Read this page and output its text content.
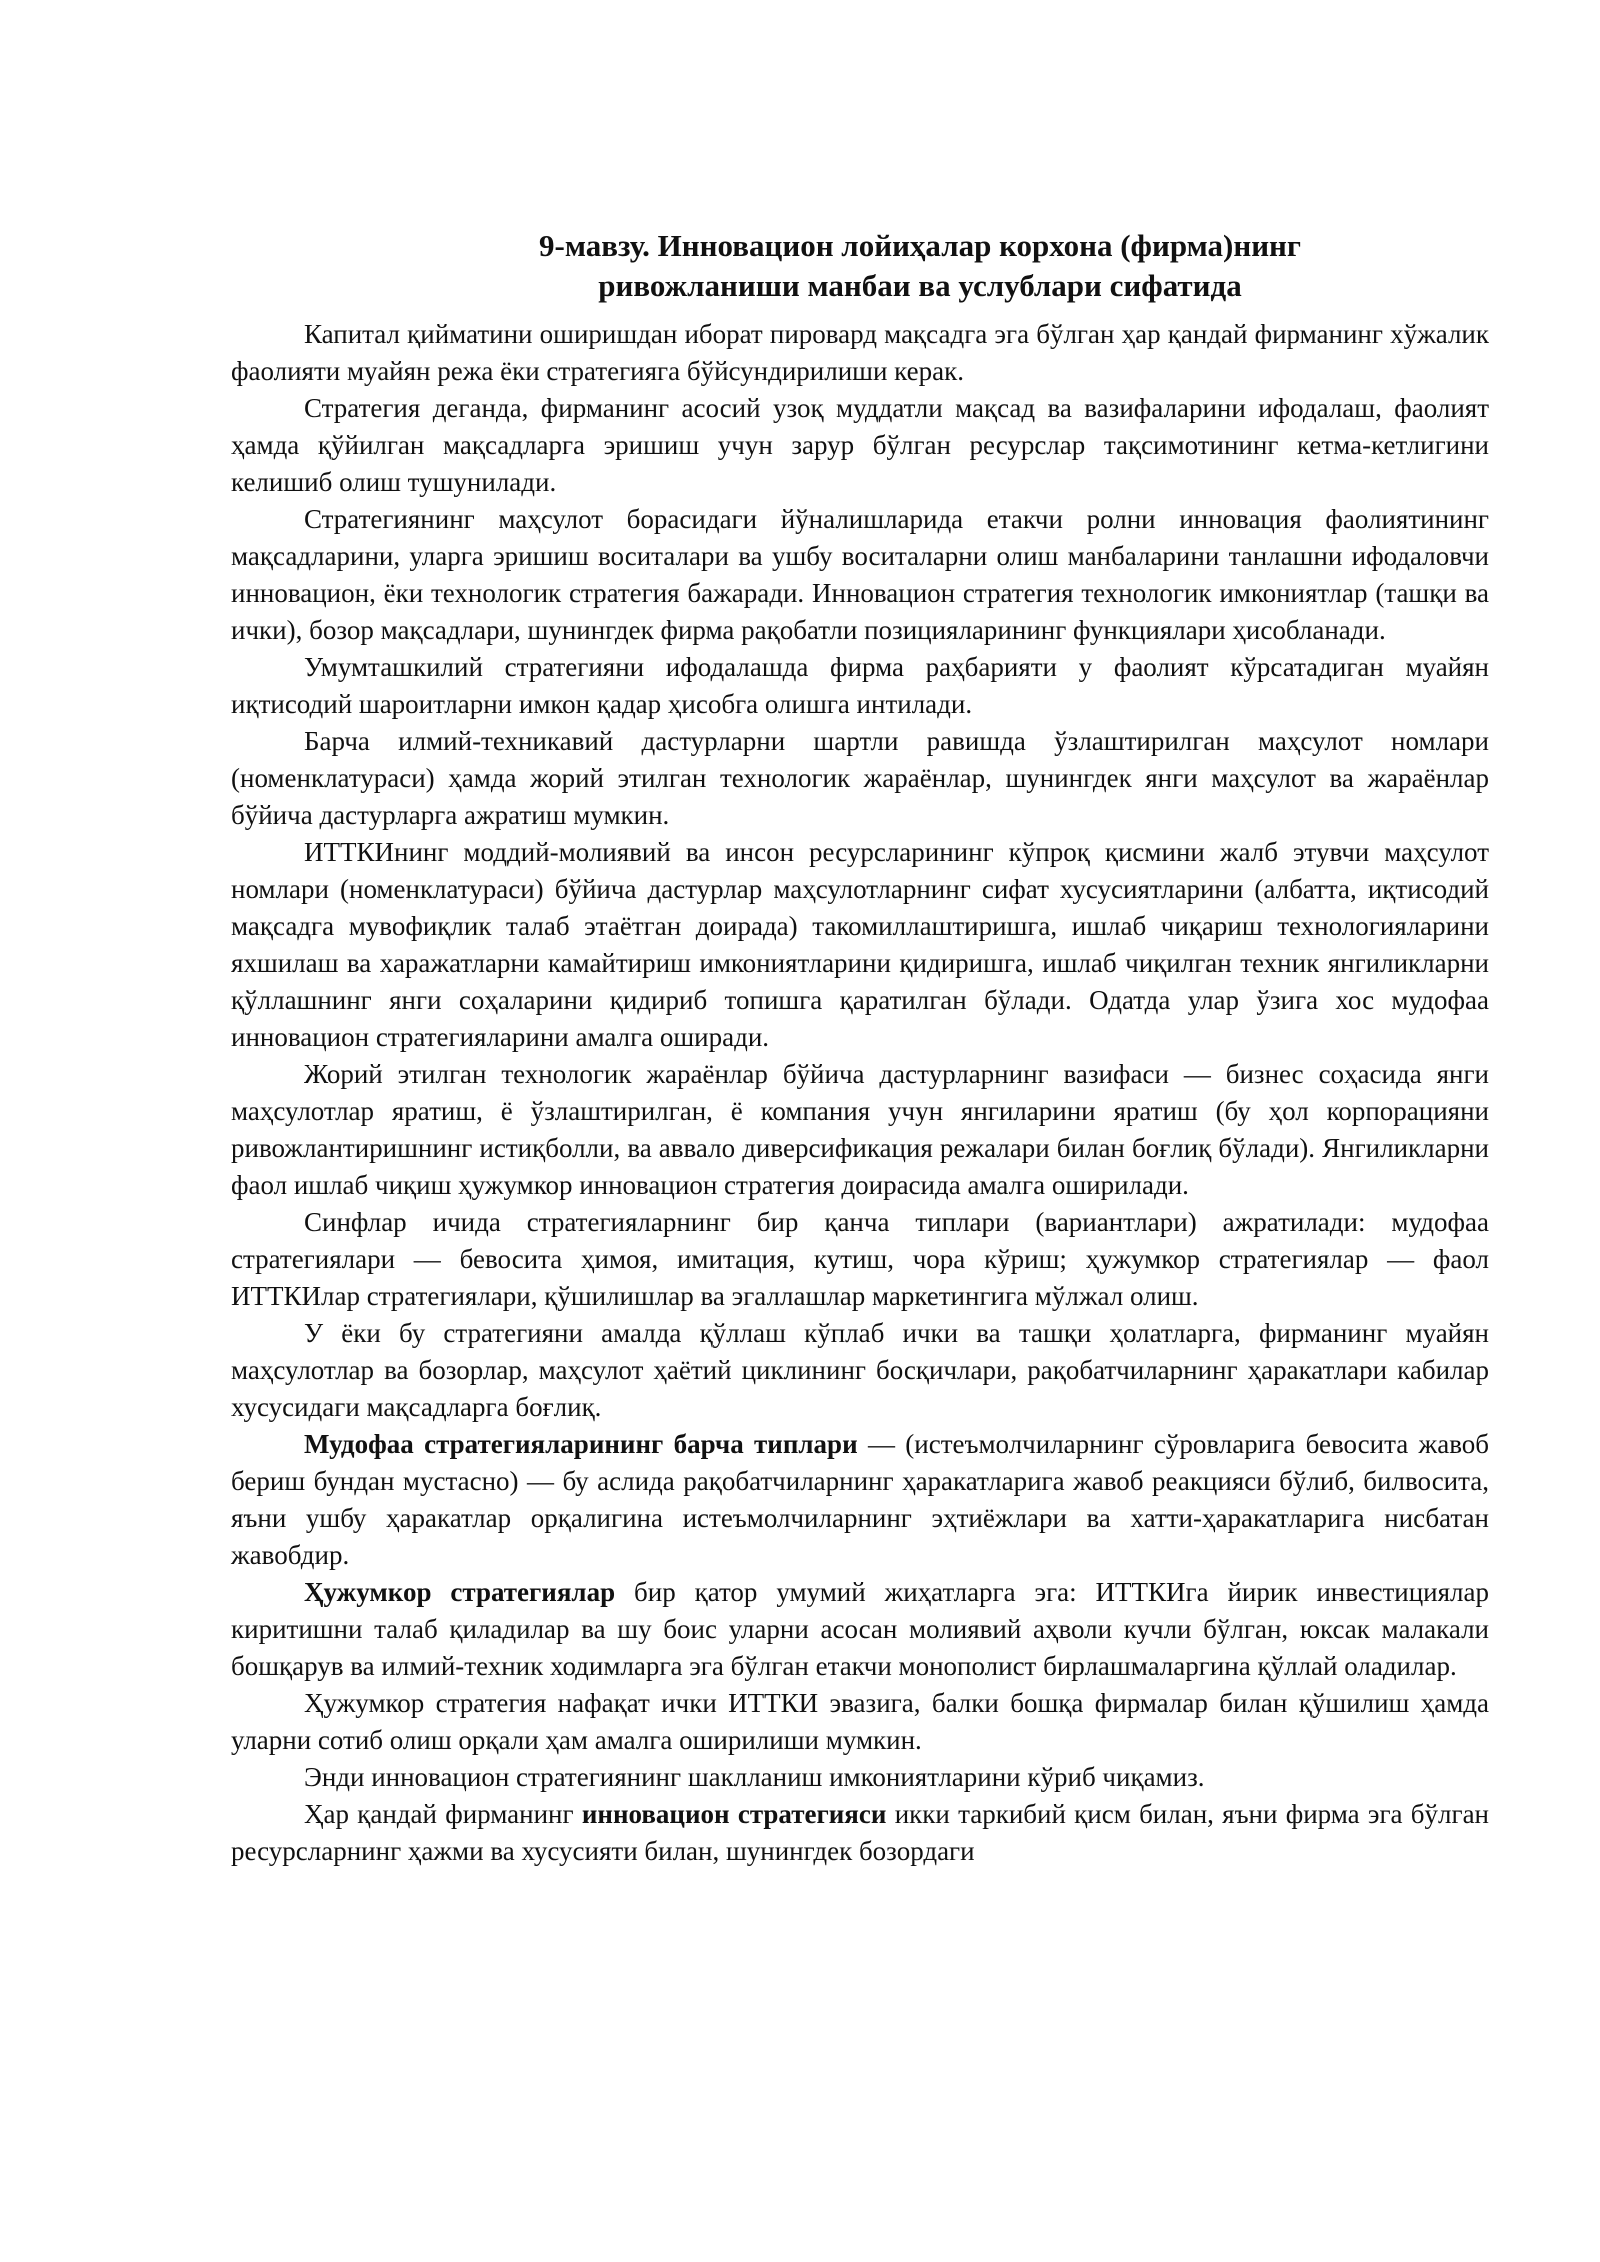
9-мавзу. Инновацион лойиҳалар корхона (фирма)нинг
ривожланиши манбаи ва услублари сифатида

Капитал қийматини оширишдан иборат пировард мақсадга эга бўлган ҳар қандай фирманинг хўжалик фаолияти муайян режа ёки стратегияга бўйсундирилиши керак.

Стратегия деганда, фирманинг асосий узоқ муддатли мақсад ва вазифаларини ифодалаш, фаолият ҳамда қўйилган мақсадларга эришиш учун зарур бўлган ресурслар тақсимотининг кетма-кетлигини келишиб олиш тушунилади.

Стратегиянинг маҳсулот борасидаги йўналишларида етакчи ролни инновация фаолиятининг мақсадларини, уларга эришиш воситалари ва ушбу воситаларни олиш манбаларини танлашни ифодаловчи инновацион, ёки технологик стратегия бажаради. Инновацион стратегия технологик имкониятлар (ташқи ва ички), бозор мақсадлари, шунингдек фирма рақобатли позицияларининг функциялари ҳисобланади.

Умумташкилий стратегияни ифодалашда фирма раҳбарияти у фаолият кўрсатадиган муайян иқтисодий шароитларни имкон қадар ҳисобга олишга интилади.

Барча илмий-техникавий дастурларни шартли равишда ўзлаштирилган маҳсулот номлари (номенклатураси) ҳамда жорий этилган технологик жараёнлар, шунингдек янги маҳсулот ва жараёнлар бўйича дастурларга ажратиш мумкин.

ИТТКИнинг моддий-молиявий ва инсон ресурсларининг кўпроқ қисмини жалб этувчи маҳсулот номлари (номенклатураси) бўйича дастурлар маҳсулотларнинг сифат хусусиятларини (албатта, иқтисодий мақсадга мувофиқлик талаб этаётган доирада) такомиллаштиришга, ишлаб чиқариш технологияларини яхшилаш ва харажатларни камайтириш имкониятларини қидиришга, ишлаб чиқилган техник янгиликларни қўллашнинг янги соҳаларини қидириб топишга қаратилган бўлади. Одатда улар ўзига хос мудофаа инновацион стратегияларини амалга оширади.

Жорий этилган технологик жараёнлар бўйича дастурларнинг вазифаси — бизнес соҳасида янги маҳсулотлар яратиш, ё ўзлаштирилган, ё компания учун янгиларини яратиш (бу ҳол корпорацияни ривожлантиришнинг истиқболли, ва аввало диверсификация режалари билан боғлиқ бўлади). Янгиликларни фаол ишлаб чиқиш ҳужумкор инновацион стратегия доирасида амалга оширилади.

Синфлар ичида стратегияларнинг бир қанча типлари (вариантлари) ажратилади: мудофаа стратегиялари — бевосита ҳимоя, имитация, кутиш, чора кўриш; ҳужумкор стратегиялар — фаол ИТТКИлар стратегиялари, қўшилишлар ва эгаллашлар маркетингига мўлжал олиш.

У ёки бу стратегияни амалда қўллаш кўплаб ички ва ташқи ҳолатларга, фирманинг муайян маҳсулотлар ва бозорлар, маҳсулот ҳаётий циклининг босқичлари, рақобатчиларнинг ҳаракатлари кабилар хусусидаги мақсадларга боғлиқ.

Мудофаа стратегияларининг барча типлари — (истеъмолчиларнинг сўровларига бевосита жавоб бериш бундан мустасно) — бу аслида рақобатчиларнинг ҳаракатларига жавоб реакцияси бўлиб, билвосита, яъни ушбу ҳаракатлар орқалигина истеъмолчиларнинг эҳтиёжлари ва хатти-ҳаракатларига нисбатан жавобдир.

Ҳужумкор стратегиялар бир қатор умумий жиҳатларга эга: ИТТКИга йирик инвестициялар киритишни талаб қиладилар ва шу боис уларни асосан молиявий аҳволи кучли бўлган, юксак малакали бошқарув ва илмий-техник ходимларга эга бўлган етакчи монополист бирлашмаларгина қўллай оладилар.

Ҳужумкор стратегия нафақат ички ИТТКИ эвазига, балки бошқа фирмалар билан қўшилиш ҳамда уларни сотиб олиш орқали ҳам амалга оширилиши мумкин.

Энди инновацион стратегиянинг шаклланиш имкониятларини кўриб чиқамиз.

Ҳар қандай фирманинг инновацион стратегияси икки таркибий қисм билан, яъни фирма эга бўлган ресурсларнинг ҳажми ва хусусияти билан, шунингдек бозордаги
